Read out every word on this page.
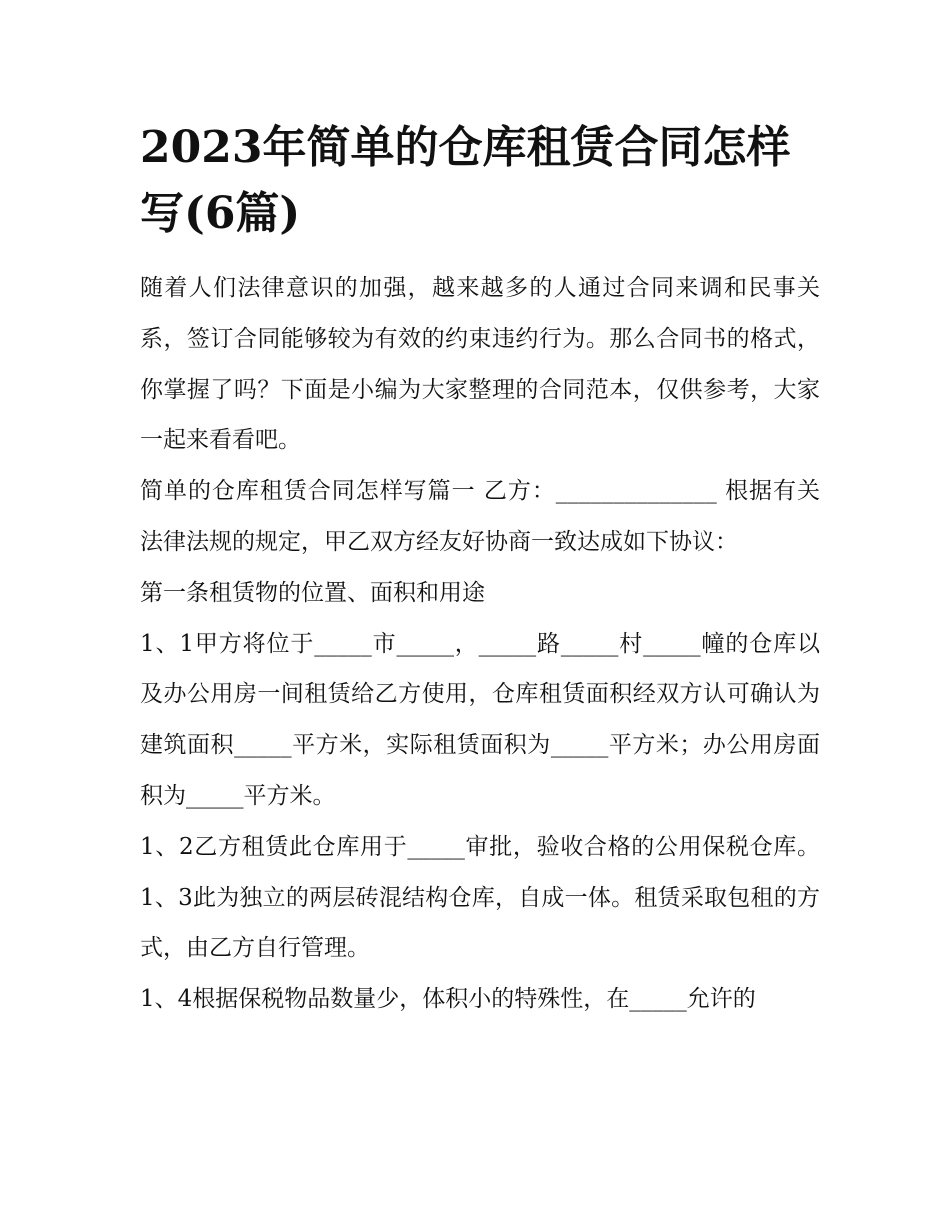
2023年简单的仓库租赁合同怎样写(6篇)

随着人们法律意识的加强，越来越多的人通过合同来调和民事关系，签订合同能够较为有效的约束违约行为。那么合同书的格式，你掌握了吗？下面是小编为大家整理的合同范本，仅供参考，大家一起来看看吧。

简单的仓库租赁合同怎样写篇一 乙方：______________ 根据有关法律法规的规定，甲乙双方经友好协商一致达成如下协议：

第一条租赁物的位置、面积和用途

1、1甲方将位于_____市_____，_____路_____村_____幢的仓库以及办公用房一间租赁给乙方使用，仓库租赁面积经双方认可确认为建筑面积_____平方米，实际租赁面积为_____平方米；办公用房面积为_____平方米。

1、2乙方租赁此仓库用于_____审批，验收合格的公用保税仓库。 1、3此为独立的两层砖混结构仓库，自成一体。租赁采取包租的方式，由乙方自行管理。

1、4根据保税物品数量少，体积小的特殊性，在_____允许的
